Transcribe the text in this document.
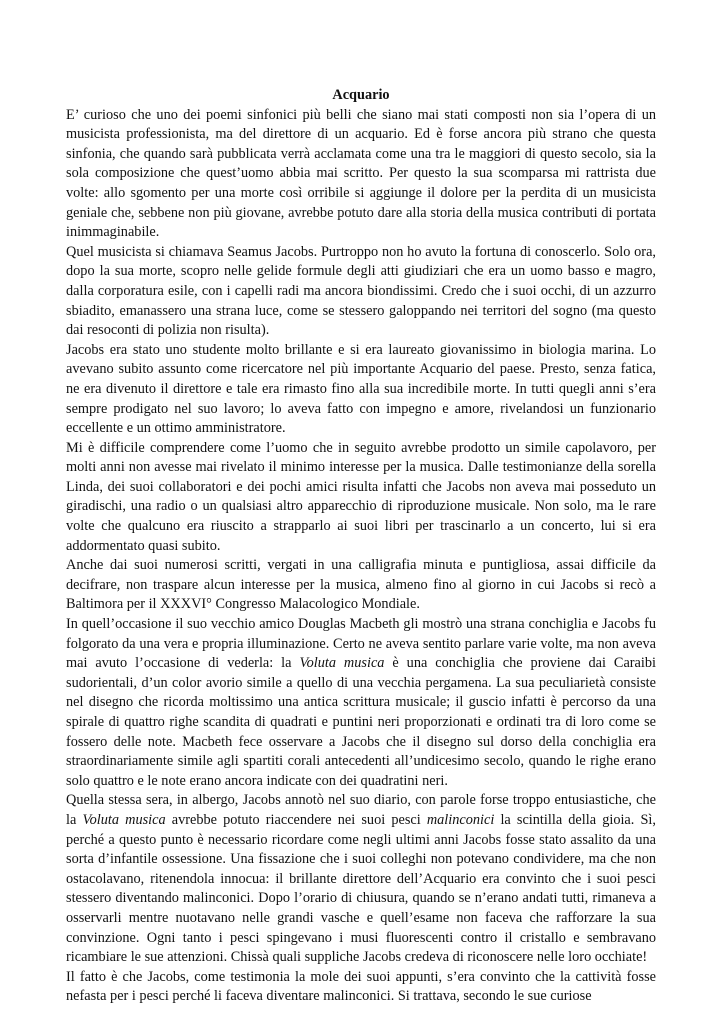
Acquario

E’ curioso che uno dei poemi sinfonici più belli che siano mai stati composti non sia l’opera di un musicista professionista, ma del direttore di un acquario. Ed è forse ancora più strano che questa sinfonia, che quando sarà pubblicata verrà acclamata come una tra le maggiori di questo secolo, sia la sola composizione che quest’uomo abbia mai scritto. Per questo la sua scomparsa mi rattrista due volte: allo sgomento per una morte così orribile si aggiunge il dolore per la perdita di un musicista geniale che, sebbene non più giovane, avrebbe potuto dare alla storia della musica contributi di portata inimmaginabile.

Quel musicista si chiamava Seamus Jacobs. Purtroppo non ho avuto la fortuna di conoscerlo. Solo ora, dopo la sua morte, scopro nelle gelide formule degli atti giudiziari che era un uomo basso e magro, dalla corporatura esile, con i capelli radi ma ancora biondissimi. Credo che i suoi occhi, di un azzurro sbiadito, emanassero una strana luce, come se stessero galoppando nei territori del sogno (ma questo dai resoconti di polizia non risulta).

Jacobs era stato uno studente molto brillante e si era laureato giovanissimo in biologia marina. Lo avevano subito assunto come ricercatore nel più importante Acquario del paese. Presto, senza fatica, ne era divenuto il direttore e tale era rimasto fino alla sua incredibile morte. In tutti quegli anni s’era sempre prodigato nel suo lavoro; lo aveva fatto con impegno e amore, rivelandosi un funzionario eccellente e un ottimo amministratore.

Mi è difficile comprendere come l’uomo che in seguito avrebbe prodotto un simile capolavoro, per molti anni non avesse mai rivelato il minimo interesse per la musica. Dalle testimonianze della sorella Linda, dei suoi collaboratori e dei pochi amici risulta infatti che Jacobs non aveva mai posseduto un giradischi, una radio o un qualsiasi altro apparecchio di riproduzione musicale. Non solo, ma le rare volte che qualcuno era riuscito a strapparlo ai suoi libri per trascinarlo a un concerto, lui si era addormentato quasi subito.

Anche dai suoi numerosi scritti, vergati in una calligrafia minuta e puntigliosa, assai difficile da decifrare, non traspare alcun interesse per la musica, almeno fino al giorno in cui Jacobs si recò a Baltimora per il XXXVI° Congresso Malacologico Mondiale.

In quell’occasione il suo vecchio amico Douglas Macbeth gli mostrò una strana conchiglia e Jacobs fu folgorato da una vera e propria illuminazione. Certo ne aveva sentito parlare varie volte, ma non aveva mai avuto l’occasione di vederla: la Voluta musica è una conchiglia che proviene dai Caraibi sudorientali, d’un color avorio simile a quello di una vecchia pergamena. La sua peculiarietà consiste nel disegno che ricorda moltissimo una antica scrittura musicale; il guscio infatti è percorso da una spirale di quattro righe scandita di quadrati e puntini neri proporzionati e ordinati tra di loro come se fossero delle note. Macbeth fece osservare a Jacobs che il disegno sul dorso della conchiglia era straordinariamente simile agli spartiti corali antecedenti all’undicesimo secolo, quando le righe erano solo quattro e le note erano ancora indicate con dei quadratini neri.

Quella stessa sera, in albergo, Jacobs annotò nel suo diario, con parole forse troppo entusiastiche, che la Voluta musica avrebbe potuto riaccendere nei suoi pesci malinconici la scintilla della gioia. Sì, perché a questo punto è necessario ricordare come negli ultimi anni Jacobs fosse stato assalito da una sorta d’infantile ossessione. Una fissazione che i suoi colleghi non potevano condividere, ma che non ostacolavano, ritenendola innocua: il brillante direttore dell’Acquario era convinto che i suoi pesci stessero diventando malinconici. Dopo l’orario di chiusura, quando se n’erano andati tutti, rimaneva a osservarli mentre nuotavano nelle grandi vasche e quell’esame non faceva che rafforzare la sua convinzione. Ogni tanto i pesci spingevano i musi fluorescenti contro il cristallo e sembravano ricambiare le sue attenzioni. Chissà quali suppliche Jacobs credeva di riconoscere nelle loro occhiate!

Il fatto è che Jacobs, come testimonia la mole dei suoi appunti, s’era convinto che la cattività fosse nefasta per i pesci perché li faceva diventare malinconici. Si trattava, secondo le sue curiose
